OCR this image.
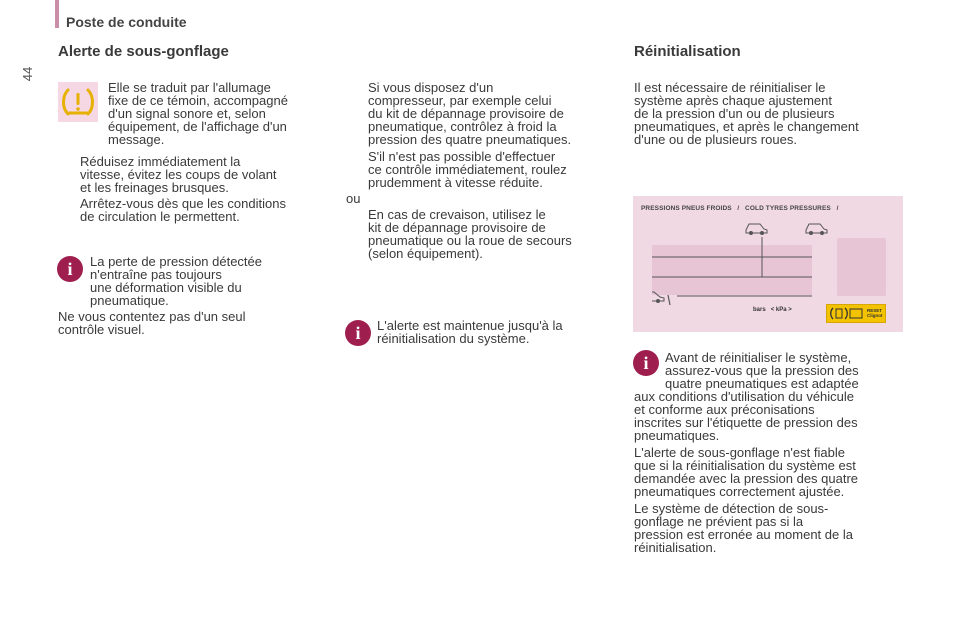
Poste de conduite
44
Alerte de sous-gonflage
Elle se traduit par l'allumage
fixe de ce témoin, accompagné
d'un signal sonore et, selon
équipement, de l'affichage d'un
message.
Réduisez immédiatement la
vitesse, évitez les coups de volant
et les freinages brusques.
Arrêtez-vous dès que les conditions
de circulation le permettent.
i	La perte de pression détectée
n'entraîne pas toujours
une déformation visible du
pneumatique.
Ne vous contentez pas d'un seul
contrôle visuel.
Si vous disposez d'un
compresseur, par exemple celui
du kit de dépannage provisoire de
pneumatique, contrôlez à froid la
pression des quatre pneumatiques.
S'il n'est pas possible d'effectuer
ce contrôle immédiatement, roulez
prudemment à vitesse réduite.
ou
En cas de crevaison, utilisez le
kit de dépannage provisoire de
pneumatique ou la roue de secours
(selon équipement).
i	L'alerte est maintenue jusqu'à la
réinitialisation du système.
Réinitialisation
Il est nécessaire de réinitialiser le
système après chaque ajustement
de la pression d'un ou de plusieurs
pneumatiques, et après le changement
d'une ou de plusieurs roues.
PRESSIONS PNEUS FROIDS / COLD TYRES PRESSURES /
bars < kPa >	RESET
Clignot
i	Avant de réinitialiser le système,
assurez-vous que la pression des
quatre pneumatiques est adaptée
aux conditions d'utilisation du véhicule
et conforme aux préconisations
inscrites sur l'étiquette de pression des
pneumatiques.
L'alerte de sous-gonflage n'est fiable
que si la réinitialisation du système est
demandée avec la pression des quatre
pneumatiques correctement ajustée.
Le système de détection de sous-
gonflage ne prévient pas si la
pression est erronée au moment de la
réinitialisation.
